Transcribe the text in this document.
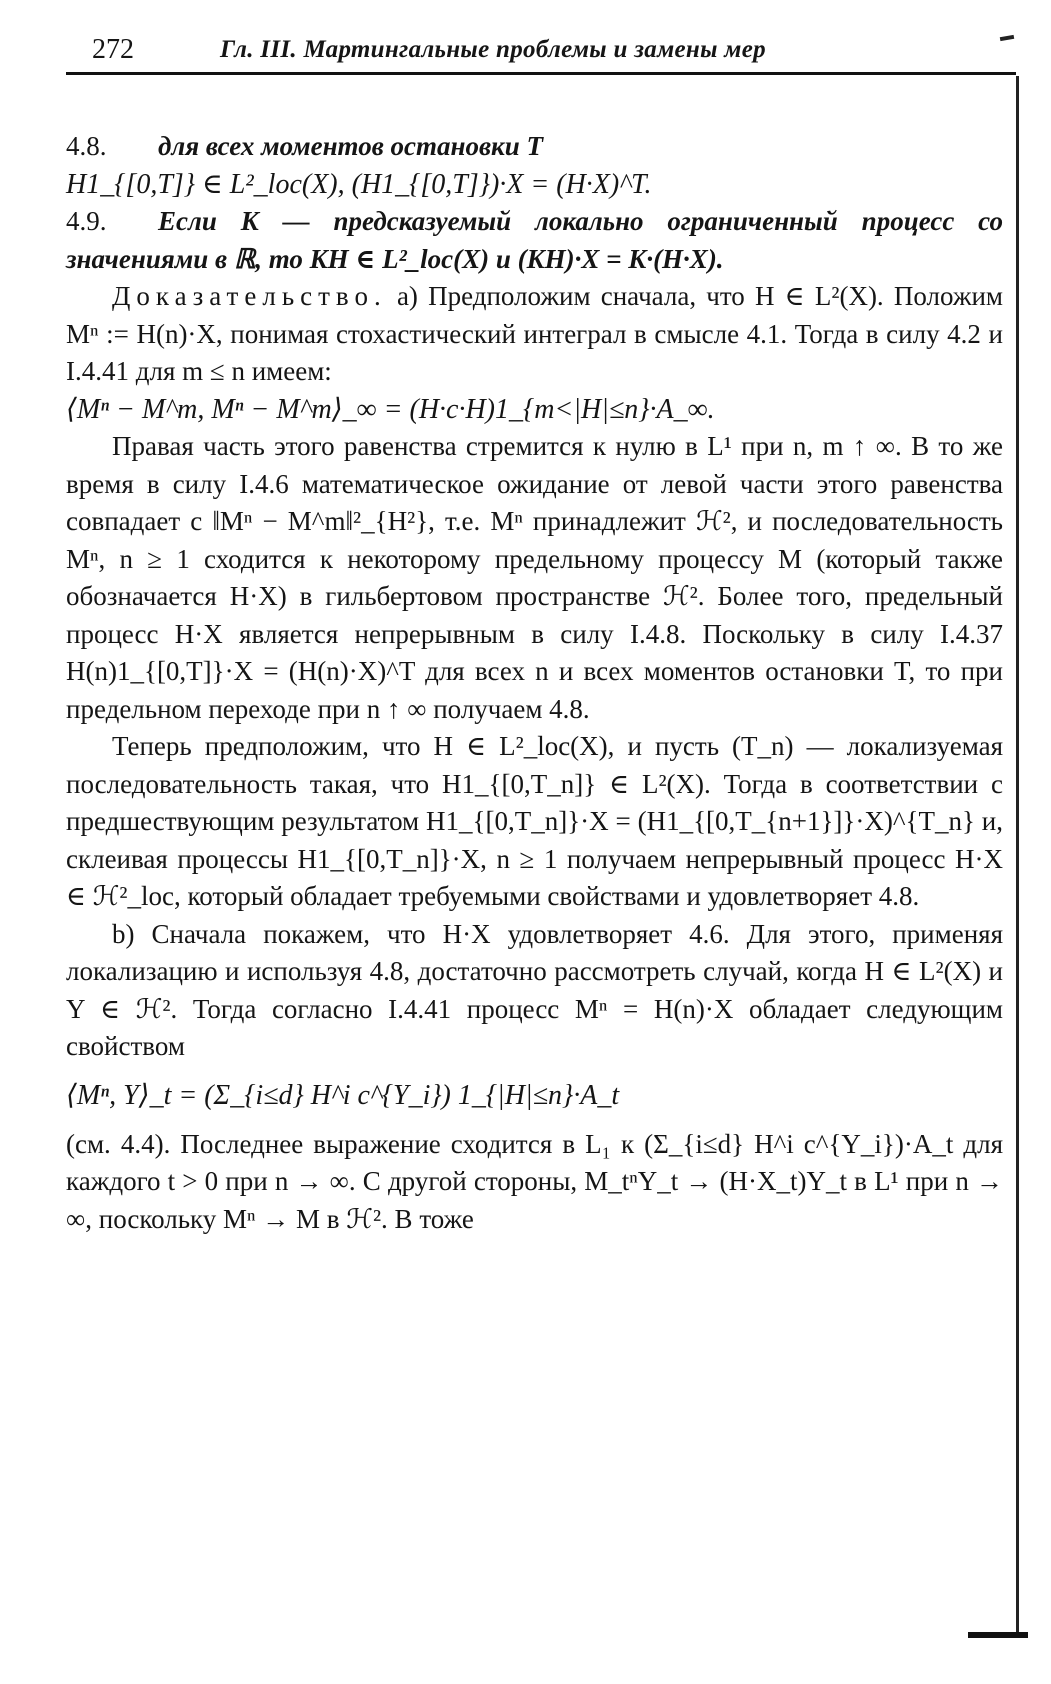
272	Гл. III. Мартингальные проблемы и замены мер

4.8. для всех моментов остановки T

H1_{[0,T]} ∈ L²_loc(X), (H1_{[0,T]})·X = (H·X)^T.

4.9. Если K — предсказуемый локально ограниченный процесс со значениями в ℝ, то KH ∈ L²_loc(X) и (KH)·X = K·(H·X).

Доказательство. a) Предположим сначала, что H ∈ L²(X). Положим Mⁿ := H(n)·X, понимая стохастический интеграл в смысле 4.1. Тогда в силу 4.2 и I.4.41 для m ≤ n имеем:

⟨Mⁿ − M^m, Mⁿ − M^m⟩_∞ = (H·c·H)1_{m<|H|≤n}·A_∞.

Правая часть этого равенства стремится к нулю в L¹ при n, m ↑ ∞. В то же время в силу I.4.6 математическое ожидание от левой части этого равенства совпадает с ‖Mⁿ − M^m‖²_{H²}, т.е. Mⁿ принадлежит ℋ², и последовательность Mⁿ, n ≥ 1 сходится к некоторому предельному процессу M (который также обозначается H·X) в гильбертовом пространстве ℋ². Более того, предельный процесс H·X является непрерывным в силу I.4.8. Поскольку в силу I.4.37 H(n)1_{[0,T]}·X = (H(n)·X)^T для всех n и всех моментов остановки T, то при предельном переходе при n ↑ ∞ получаем 4.8.

Теперь предположим, что H ∈ L²_loc(X), и пусть (T_n) — локализуемая последовательность такая, что H1_{[0,T_n]} ∈ L²(X). Тогда в соответствии с предшествующим результатом H1_{[0,T_n]}·X = (H1_{[0,T_{n+1}]}·X)^{T_n} и, склеивая процессы H1_{[0,T_n]}·X, n ≥ 1 получаем непрерывный процесс H·X ∈ ℋ²_loc, который обладает требуемыми свойствами и удовлетворяет 4.8.

b) Сначала покажем, что H·X удовлетворяет 4.6. Для этого, применяя локализацию и используя 4.8, достаточно рассмотреть случай, когда H ∈ L²(X) и Y ∈ ℋ². Тогда согласно I.4.41 процесс Mⁿ = H(n)·X обладает следующим свойством

⟨Mⁿ, Y⟩_t = (Σ_{i≤d} H^i c^{Y_i}) 1_{|H|≤n}·A_t

(см. 4.4). Последнее выражение сходится в L₁ к (Σ_{i≤d} H^i c^{Y_i})·A_t для каждого t > 0 при n → ∞. С другой стороны, M_tⁿY_t → (H·X_t)Y_t в L¹ при n → ∞, поскольку Mⁿ → M в ℋ². В тоже
